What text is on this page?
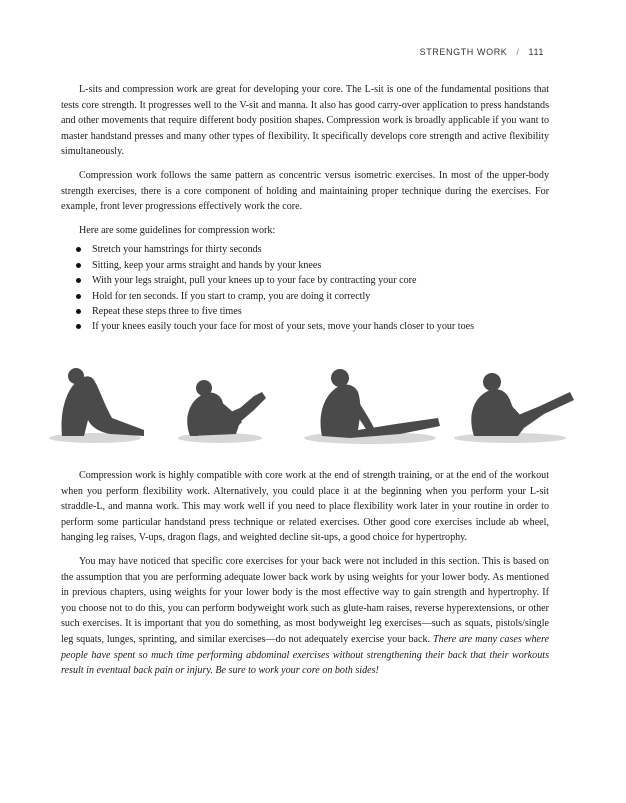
STRENGTH WORK / 111

L-sits and compression work are great for developing your core. The L-sit is one of the fundamental positions that tests core strength. It progresses well to the V-sit and manna. It also has good carry-over application to press handstands and other movements that require different body position shapes. Compression work is broadly applicable if you want to master handstand presses and many other types of flexibility. It specifically develops core strength and active flexibility simultaneously.

Compression work follows the same pattern as concentric versus isometric exercises. In most of the upper-body strength exercises, there is a core component of holding and maintaining proper technique during the exercises. For example, front lever progressions effectively work the core.

Here are some guidelines for compression work:

Stretch your hamstrings for thirty seconds
Sitting, keep your arms straight and hands by your knees
With your legs straight, pull your knees up to your face by contracting your core
Hold for ten seconds. If you start to cramp, you are doing it correctly
Repeat these steps three to five times
If your knees easily touch your face for most of your sets, move your hands closer to your toes

Compression work is highly compatible with core work at the end of strength training, or at the end of the workout when you perform flexibility work. Alternatively, you could place it at the beginning when you perform your L-sit straddle-L, and manna work. This may work well if you need to place flexibility work later in your routine in order to perform some particular handstand press technique or related exercises. Other good core exercises include ab wheel, hanging leg raises, V-ups, dragon flags, and weighted decline sit-ups, a good choice for hypertrophy.

You may have noticed that specific core exercises for your back were not included in this section. This is based on the assumption that you are performing adequate lower back work by using weights for your lower body. As mentioned in previous chapters, using weights for your lower body is the most effective way to gain strength and hypertrophy. If you choose not to do this, you can perform bodyweight work such as glute-ham raises, reverse hyperextensions, or other such exercises. It is important that you do something, as most bodyweight leg exercises—such as squats, pistols/single leg squats, lunges, sprinting, and similar exercises—do not adequately exercise your back. There are many cases where people have spent so much time performing abdominal exercises without strengthening their back that their workouts result in eventual back pain or injury. Be sure to work your core on both sides!
